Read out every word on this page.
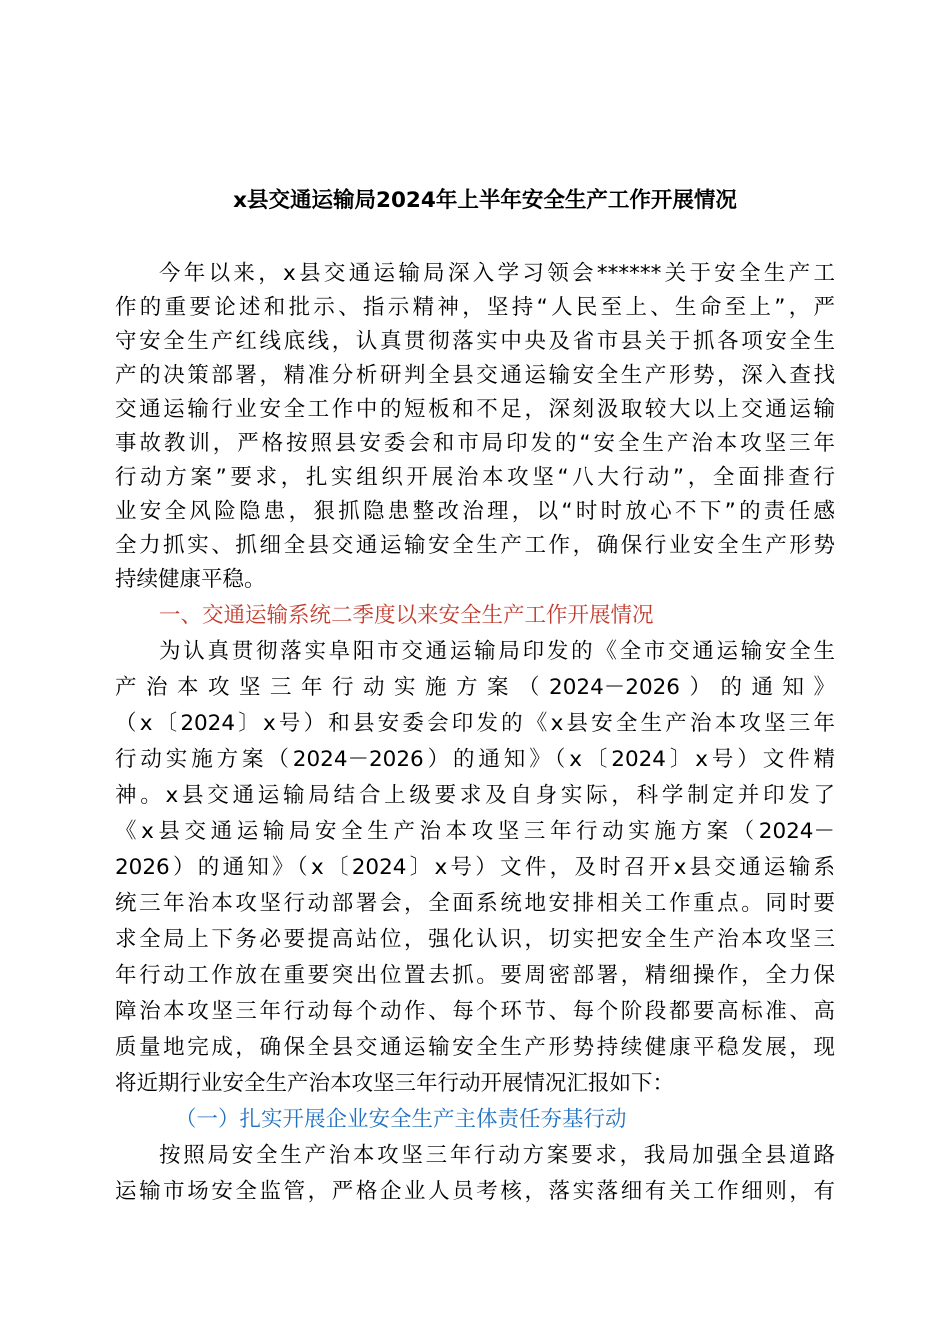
x县交通运输局2024年上半年安全生产工作开展情况
今年以来，x县交通运输局深入学习领会******关于安全生产工
作的重要论述和批示、指示精神，坚持“人民至上、生命至上”，严
守安全生产红线底线，认真贯彻落实中央及省市县关于抓各项安全生
产的决策部署，精准分析研判全县交通运输安全生产形势，深入查找
交通运输行业安全工作中的短板和不足，深刻汲取较大以上交通运输
事故教训，严格按照县安委会和市局印发的“安全生产治本攻坚三年
行动方案”要求，扎实组织开展治本攻坚“八大行动”，全面排查行
业安全风险隐患，狠抓隐患整改治理，以“时时放心不下”的责任感
全力抓实、抓细全县交通运输安全生产工作，确保行业安全生产形势
持续健康平稳。
一、交通运输系统二季度以来安全生产工作开展情况
为认真贯彻落实阜阳市交通运输局印发的《全市交通运输安全生
产治本攻坚三年行动实施方案（2024－2026）的通知》
（x〔2024〕x号）和县安委会印发的《x县安全生产治本攻坚三年
行动实施方案（2024－2026）的通知》（x〔2024〕x号）文件精
神。x县交通运输局结合上级要求及自身实际，科学制定并印发了
《x县交通运输局安全生产治本攻坚三年行动实施方案（2024－
2026）的通知》（x〔2024〕x号）文件，及时召开x县交通运输系
统三年治本攻坚行动部署会，全面系统地安排相关工作重点。同时要
求全局上下务必要提高站位，强化认识，切实把安全生产治本攻坚三
年行动工作放在重要突出位置去抓。要周密部署，精细操作，全力保
障治本攻坚三年行动每个动作、每个环节、每个阶段都要高标准、高
质量地完成，确保全县交通运输安全生产形势持续健康平稳发展，现
将近期行业安全生产治本攻坚三年行动开展情况汇报如下：
（一）扎实开展企业安全生产主体责任夯基行动
按照局安全生产治本攻坚三年行动方案要求，我局加强全县道路
运输市场安全监管，严格企业人员考核，落实落细有关工作细则，有
